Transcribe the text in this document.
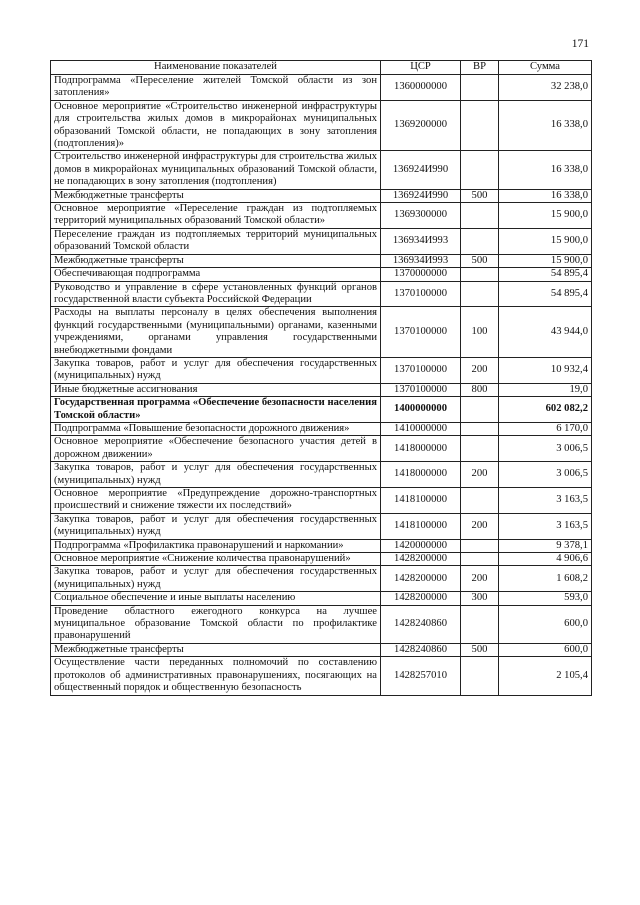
171
Наименование показателей	ЦСР	ВР	Сумма
Подпрограмма «Переселение жителей Томской области из зон затопления»	1360000000		32 238,0
Основное мероприятие «Строительство инженерной инфраструктуры для строительства жилых домов в микрорайонах муниципальных образований Томской области, не попадающих в зону затопления (подтопления)»	1369200000		16 338,0
Строительство инженерной инфраструктуры для строительства жилых домов в микрорайонах муниципальных образований Томской области, не попадающих в зону затопления (подтопления)	136924И990		16 338,0
Межбюджетные трансферты	136924И990	500	16 338,0
Основное мероприятие «Переселение граждан из подтопляемых территорий муниципальных образований Томской области»	1369300000		15 900,0
Переселение граждан из подтопляемых территорий муниципальных образований Томской области	136934И993		15 900,0
Межбюджетные трансферты	136934И993	500	15 900,0
Обеспечивающая подпрограмма	1370000000		54 895,4
Руководство и управление в сфере установленных функций органов государственной власти субъекта Российской Федерации	1370100000		54 895,4
Расходы на выплаты персоналу в целях обеспечения выполнения функций государственными (муниципальными) органами, казенными учреждениями, органами управления государственными внебюджетными фондами	1370100000	100	43 944,0
Закупка товаров, работ и услуг для обеспечения государственных (муниципальных) нужд	1370100000	200	10 932,4
Иные бюджетные ассигнования	1370100000	800	19,0
Государственная программа «Обеспечение безопасности населения Томской области»	1400000000		602 082,2
Подпрограмма «Повышение безопасности дорожного движения»	1410000000		6 170,0
Основное мероприятие «Обеспечение безопасного участия детей в дорожном движении»	1418000000		3 006,5
Закупка товаров, работ и услуг для обеспечения государственных (муниципальных) нужд	1418000000	200	3 006,5
Основное мероприятие «Предупреждение дорожно-транспортных происшествий и снижение тяжести их последствий»	1418100000		3 163,5
Закупка товаров, работ и услуг для обеспечения государственных (муниципальных) нужд	1418100000	200	3 163,5
Подпрограмма «Профилактика правонарушений и наркомании»	1420000000		9 378,1
Основное мероприятие «Снижение количества правонарушений»	1428200000		4 906,6
Закупка товаров, работ и услуг для обеспечения государственных (муниципальных) нужд	1428200000	200	1 608,2
Социальное обеспечение и иные выплаты населению	1428200000	300	593,0
Проведение областного ежегодного конкурса на лучшее муниципальное образование Томской области по профилактике правонарушений	1428240860		600,0
Межбюджетные трансферты	1428240860	500	600,0
Осуществление части переданных полномочий по составлению протоколов об административных правонарушениях, посягающих на общественный порядок и общественную безопасность	1428257010		2 105,4
